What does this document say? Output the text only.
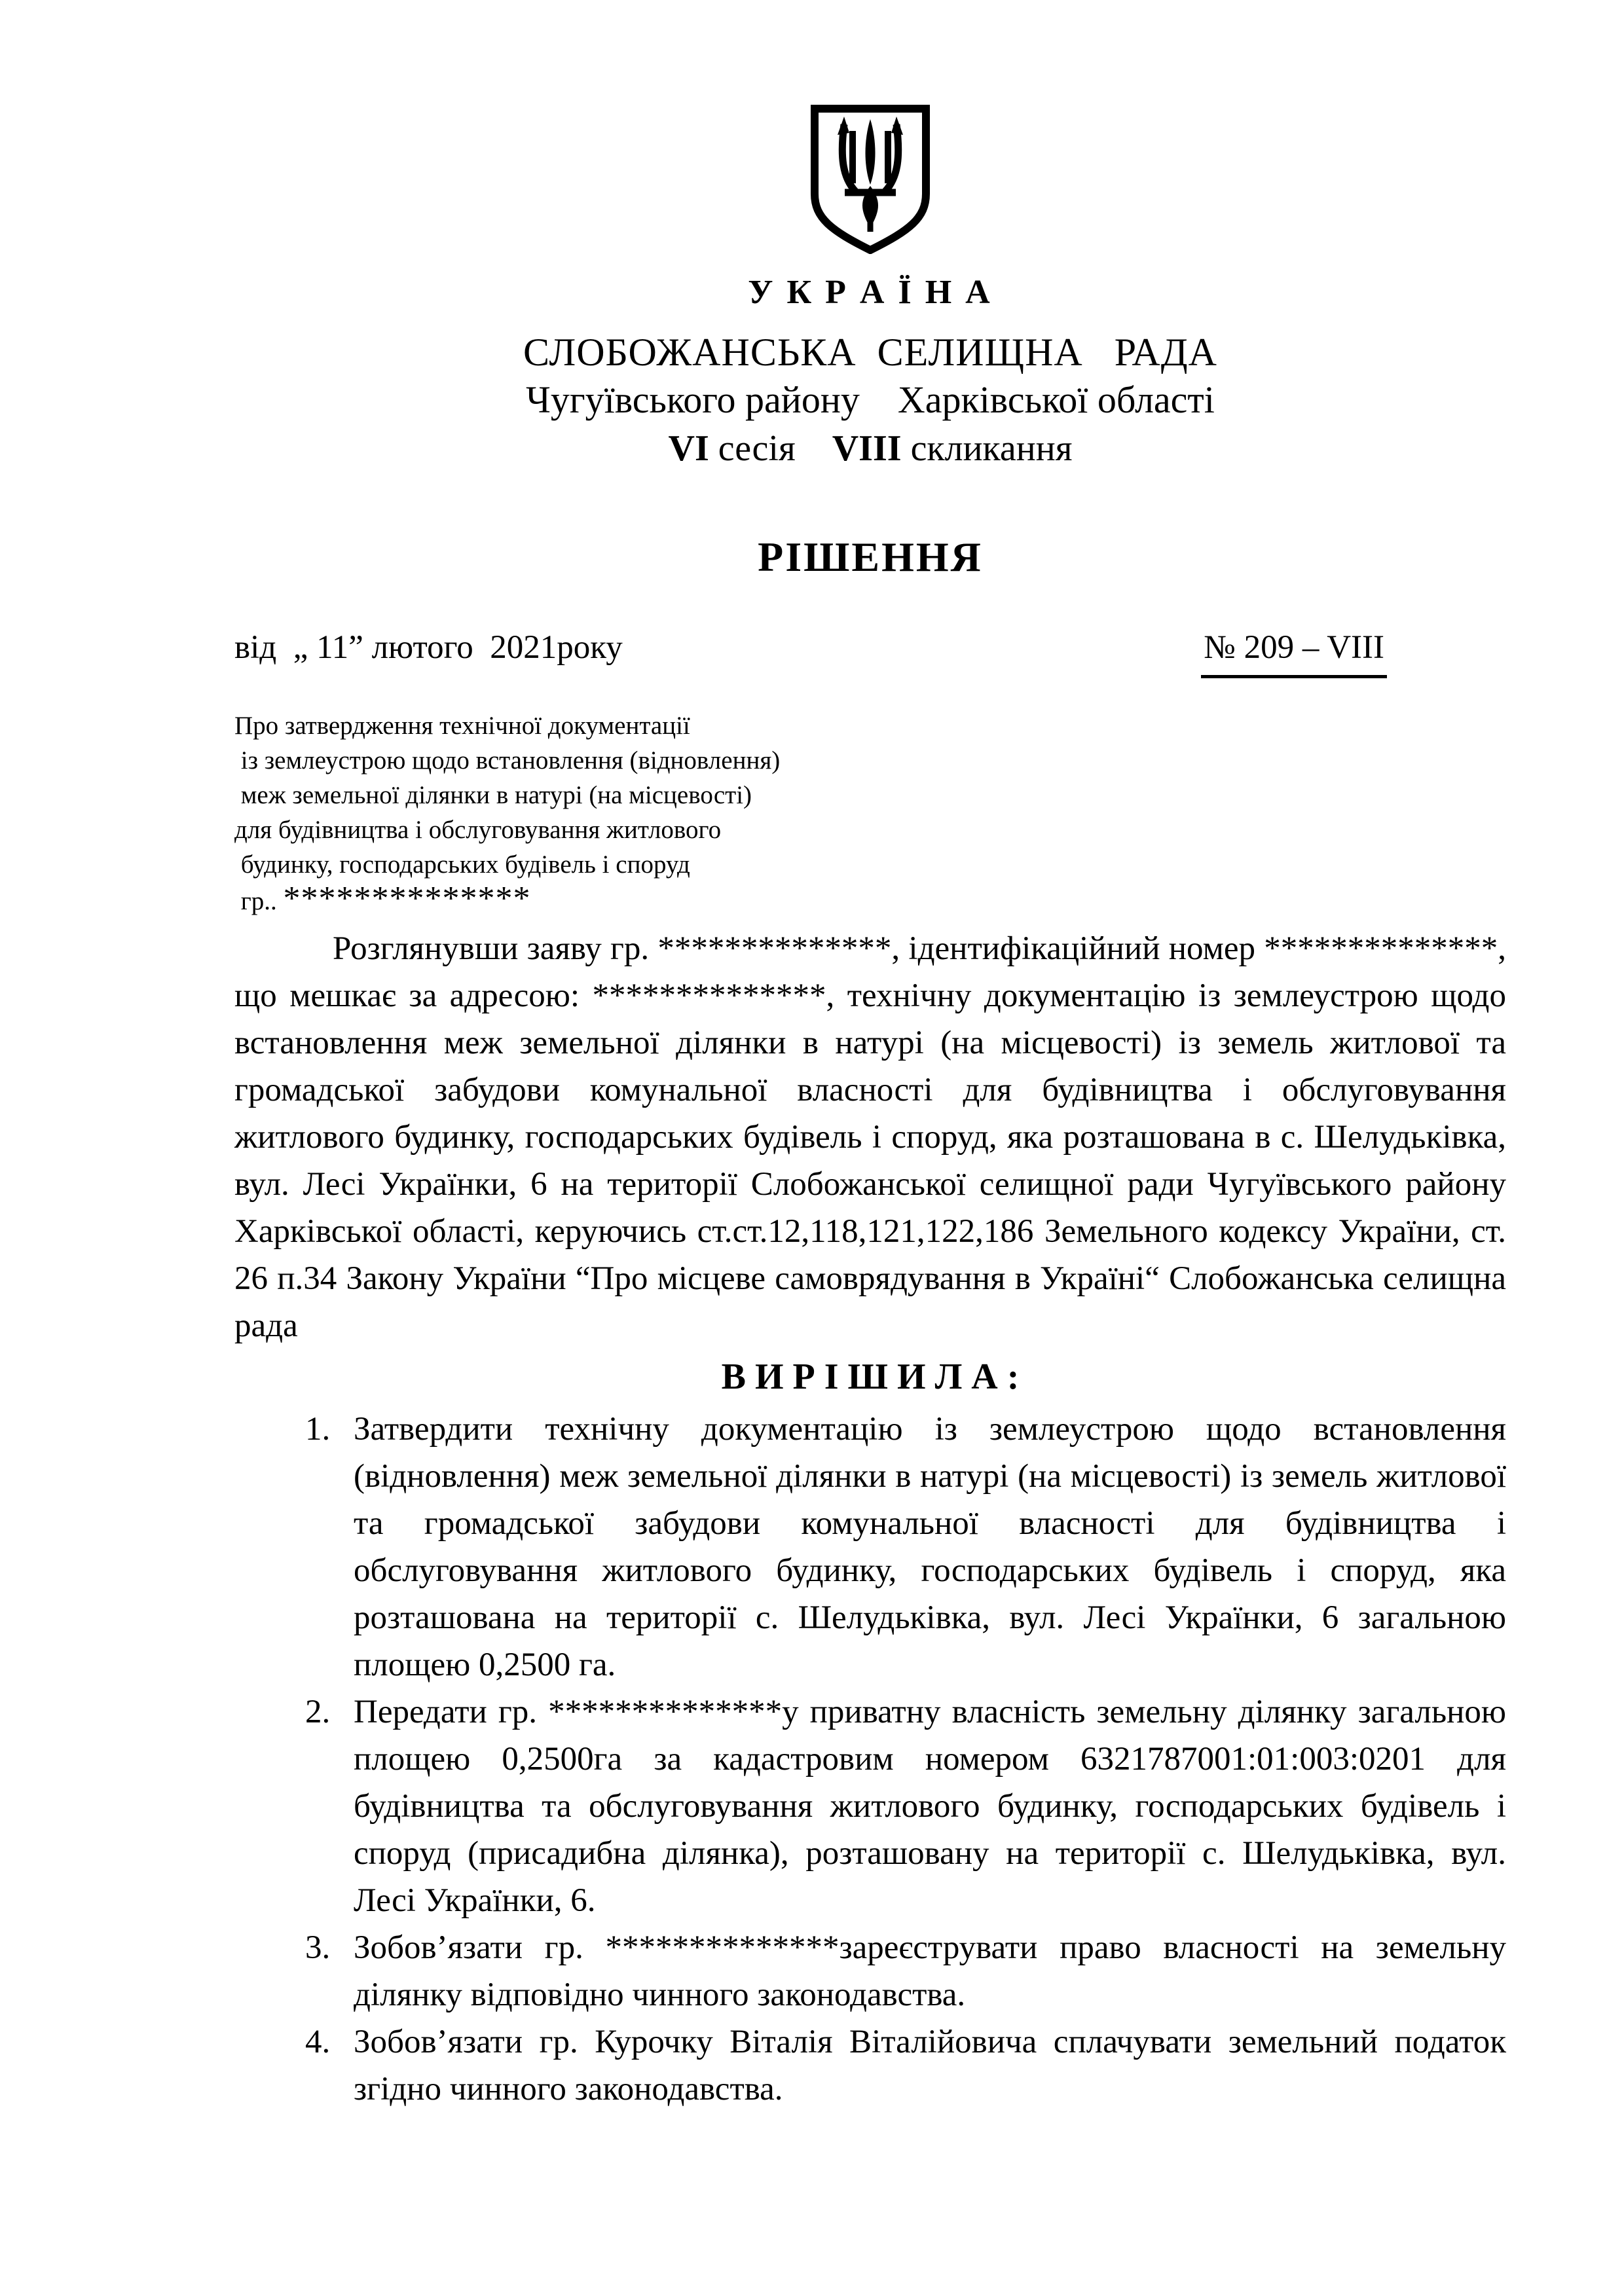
У К Р А Ї Н А
СЛОБОЖАНСЬКА  СЕЛИЩНА   РАДА
Чугуївського району    Харківської області
VI сесія    VIII скликання
РІШЕННЯ
від  „ 11” лютого  2021року	№ 209 – VIII
Про затвердження технічної документації
із землеустрою щодо встановлення (відновлення)
меж земельної ділянки в натурі (на місцевості)
для будівництва і обслуговування житлового
будинку, господарських будівель і споруд
гр.. **************
Розглянувши заяву гр. **************, ідентифікаційний номер **************, що мешкає за адресою: **************, технічну документацію із землеустрою щодо встановлення меж земельної ділянки в натурі (на місцевості) із земель житлової та громадської забудови комунальної власності для будівництва і обслуговування житлового будинку, господарських будівель і споруд, яка розташована в с. Шелудьківка, вул. Лесі Українки, 6 на території Слобожанської селищної ради Чугуївського району Харківської області, керуючись ст.ст.12,118,121,122,186 Земельного кодексу України, ст. 26 п.34 Закону України “Про місцеве самоврядування в Україні“ Слобожанська селищна рада
В И Р І Ш И Л А :
1. Затвердити технічну документацію із землеустрою щодо встановлення (відновлення) меж земельної ділянки в натурі (на місцевості) із земель житлової та громадської забудови комунальної власності для будівництва і обслуговування житлового будинку, господарських будівель і споруд, яка розташована на території с. Шелудьківка, вул. Лесі Українки, 6 загальною площею 0,2500 га.
2. Передати гр. **************у приватну власність земельну ділянку загальною площею 0,2500га за кадастровим номером 6321787001:01:003:0201 для будівництва та обслуговування житлового будинку, господарських будівель і споруд (присадибна ділянка), розташовану на території с. Шелудьківка, вул. Лесі Українки, 6.
3. Зобов’язати гр. **************зареєструвати право власності на земельну ділянку відповідно чинного законодавства.
4. Зобов’язати гр. Курочку Віталія Віталійовича сплачувати земельний податок згідно чинного законодавства.
